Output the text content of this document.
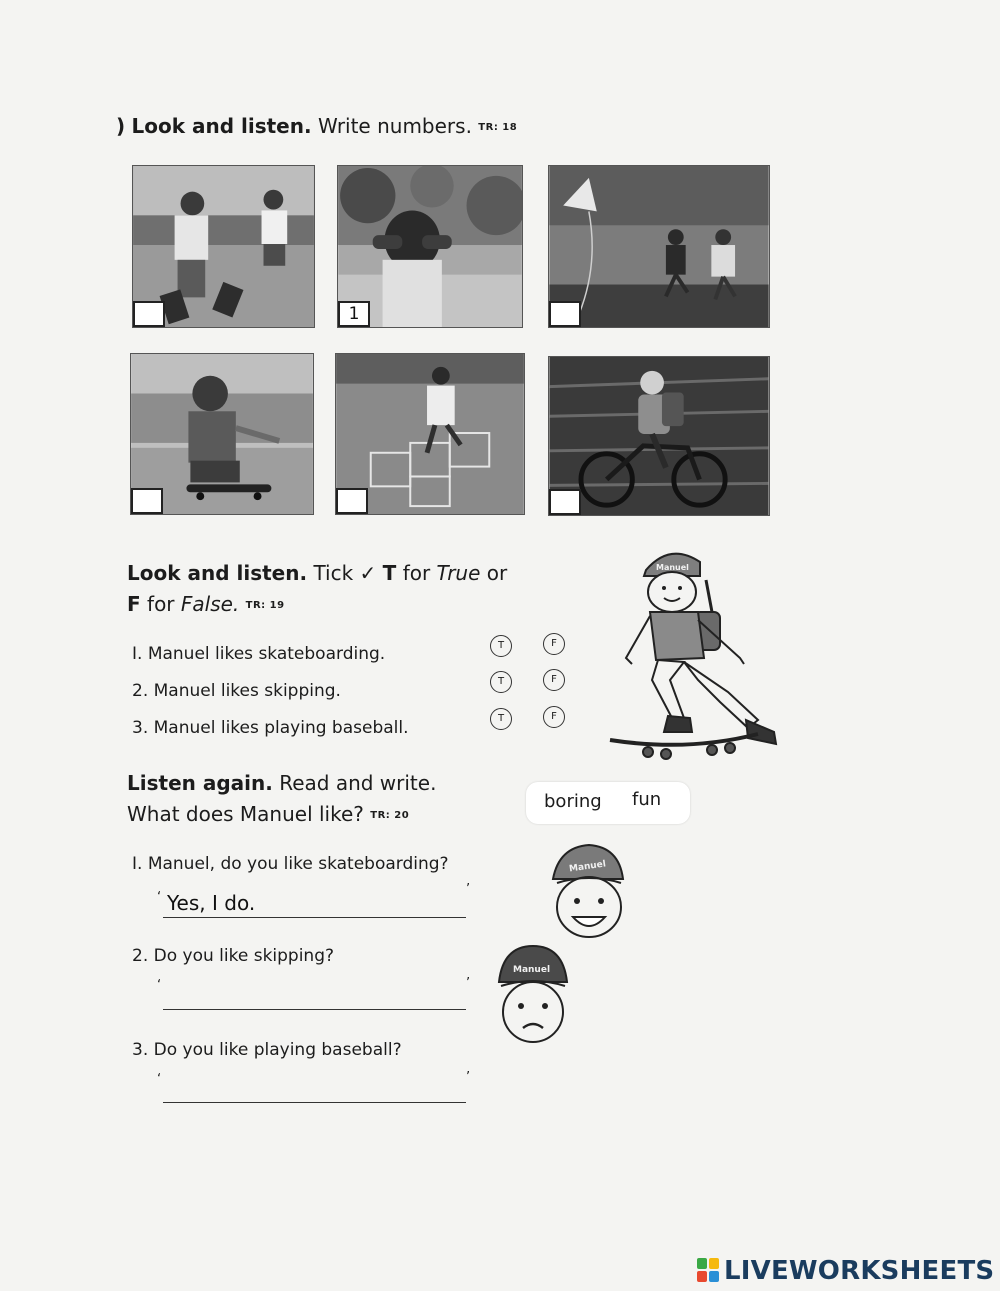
) Look and listen. Write numbers. TR: 18
1
Look and listen. Tick ✓ T for True or
F for False. TR: 19
I. Manuel likes skateboarding.	T	F
2. Manuel likes skipping.	T	F
3. Manuel likes playing baseball.	T	F
Manuel
Listen again. Read and write.
What does Manuel like? TR: 20
boring fun
I. Manuel, do you like skateboarding?
‘
Yes, I do.
’
2. Do you like skipping?
‘	’
3. Do you like playing baseball?
‘	’
Manuel
Manuel
LIVEWORKSHEETS
